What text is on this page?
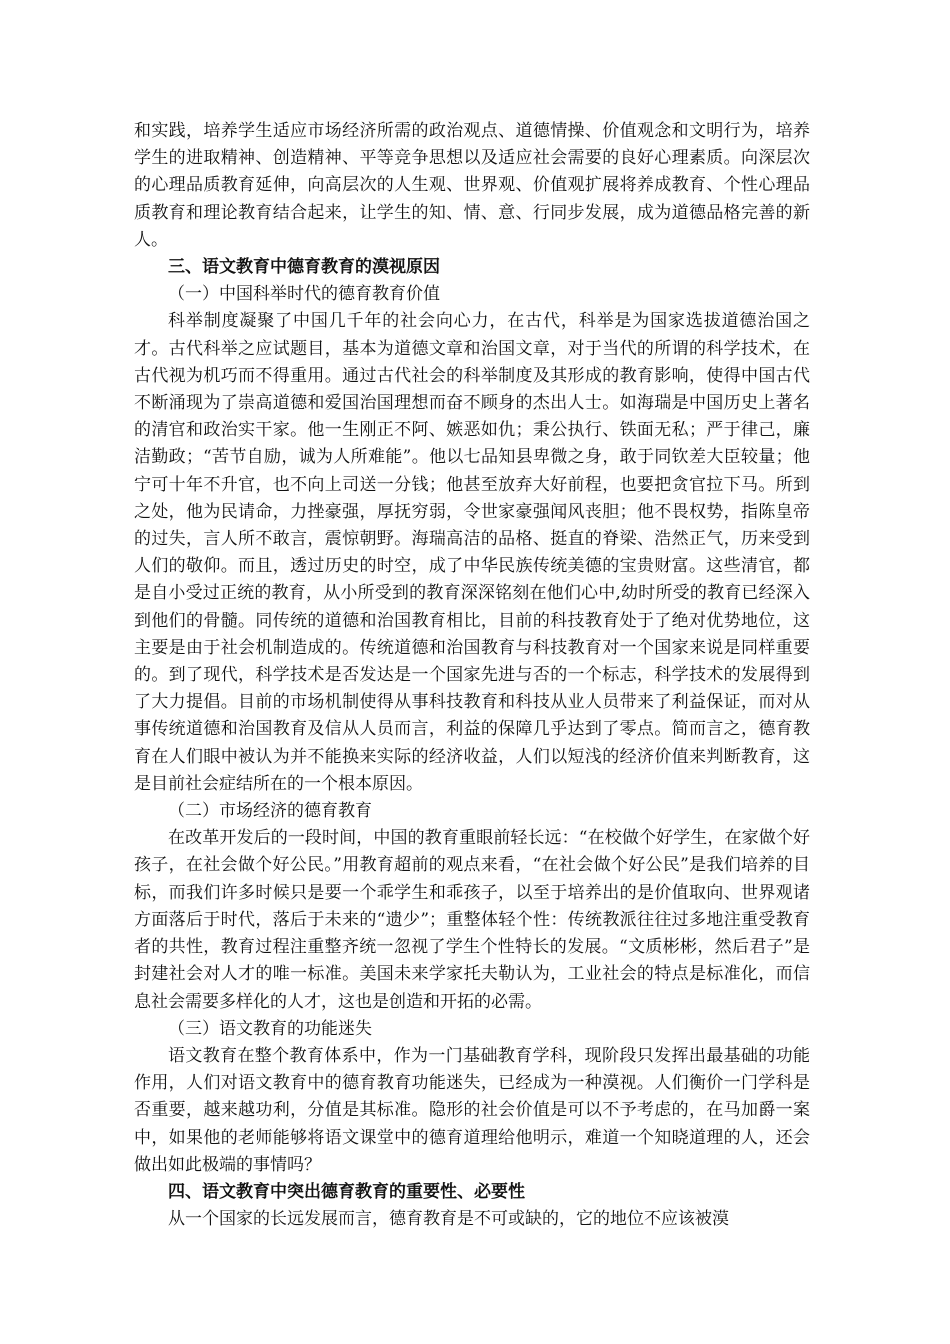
和实践，培养学生适应市场经济所需的政治观点、道德情操、价值观念和文明行为，培养学生的进取精神、创造精神、平等竞争思想以及适应社会需要的良好心理素质。向深层次的心理品质教育延伸，向高层次的人生观、世界观、价值观扩展将养成教育、个性心理品质教育和理论教育结合起来，让学生的知、情、意、行同步发展，成为道德品格完善的新人。

三、语文教育中德育教育的漠视原因

（一）中国科举时代的德育教育价值

科举制度凝聚了中国几千年的社会向心力，在古代，科举是为国家选拔道德治国之才。古代科举之应试题目，基本为道德文章和治国文章，对于当代的所谓的科学技术，在古代视为机巧而不得重用。通过古代社会的科举制度及其形成的教育影响，使得中国古代不断涌现为了崇高道德和爱国治国理想而奋不顾身的杰出人士。如海瑞是中国历史上著名的清官和政治实干家。他一生刚正不阿、嫉恶如仇；秉公执行、铁面无私；严于律己，廉洁勤政；“苦节自励，诚为人所难能”。他以七品知县卑微之身，敢于同钦差大臣较量；他宁可十年不升官，也不向上司送一分钱；他甚至放弃大好前程，也要把贪官拉下马。所到之处，他为民请命，力挫豪强，厚抚穷弱，令世家豪强闻风丧胆；他不畏权势，指陈皇帝的过失，言人所不敢言，震惊朝野。海瑞高洁的品格、挺直的脊梁、浩然正气，历来受到人们的敬仰。而且，透过历史的时空，成了中华民族传统美德的宝贵财富。这些清官，都是自小受过正统的教育，从小所受到的教育深深铭刻在他们心中,幼时所受的教育已经深入到他们的骨髓。同传统的道德和治国教育相比，目前的科技教育处于了绝对优势地位，这主要是由于社会机制造成的。传统道德和治国教育与科技教育对一个国家来说是同样重要的。到了现代，科学技术是否发达是一个国家先进与否的一个标志，科学技术的发展得到了大力提倡。目前的市场机制使得从事科技教育和科技从业人员带来了利益保证，而对从事传统道德和治国教育及信从人员而言，利益的保障几乎达到了零点。简而言之，德育教育在人们眼中被认为并不能换来实际的经济收益，人们以短浅的经济价值来判断教育，这是目前社会症结所在的一个根本原因。

（二）市场经济的德育教育

在改革开发后的一段时间，中国的教育重眼前轻长远：“在校做个好学生，在家做个好孩子，在社会做个好公民。”用教育超前的观点来看，“在社会做个好公民”是我们培养的目标，而我们许多时候只是要一个乖学生和乖孩子，以至于培养出的是价值取向、世界观诸方面落后于时代，落后于未来的“遗少”；重整体轻个性：传统教派往往过多地注重受教育者的共性，教育过程注重整齐统一忽视了学生个性特长的发展。“文质彬彬，然后君子”是封建社会对人才的唯一标准。美国未来学家托夫勒认为，工业社会的特点是标准化，而信息社会需要多样化的人才，这也是创造和开拓的必需。

（三）语文教育的功能迷失

语文教育在整个教育体系中，作为一门基础教育学科，现阶段只发挥出最基础的功能作用，人们对语文教育中的德育教育功能迷失，已经成为一种漠视。人们衡价一门学科是否重要，越来越功利，分值是其标准。隐形的社会价值是可以不予考虑的，在马加爵一案中，如果他的老师能够将语文课堂中的德育道理给他明示，难道一个知晓道理的人，还会做出如此极端的事情吗？

四、语文教育中突出德育教育的重要性、必要性

从一个国家的长远发展而言，德育教育是不可或缺的，它的地位不应该被漠
